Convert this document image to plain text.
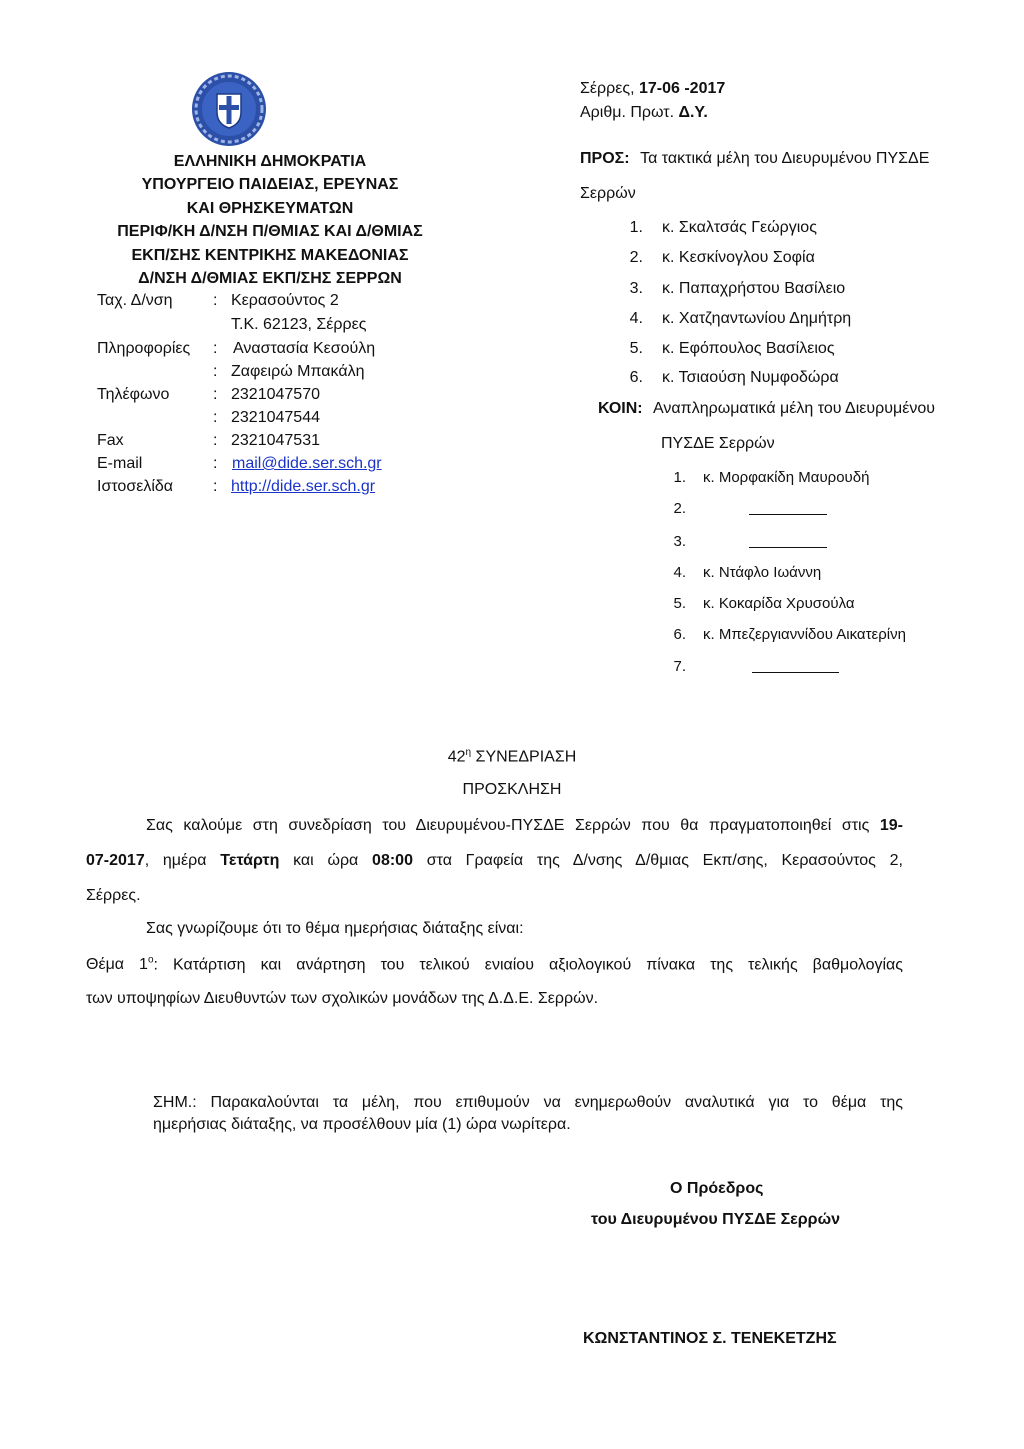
ΕΛΛΗΝΙΚΗ ΔΗΜΟΚΡΑΤΙΑ
ΥΠΟΥΡΓΕΙΟ ΠΑΙΔΕΙΑΣ, ΕΡΕΥΝΑΣ
ΚΑΙ ΘΡΗΣΚΕΥΜΑΤΩΝ
ΠΕΡΙΦ/ΚΗ Δ/ΝΣΗ Π/ΘΜΙΑΣ ΚΑΙ Δ/ΘΜΙΑΣ
ΕΚΠ/ΣΗΣ ΚΕΝΤΡΙΚΗΣ ΜΑΚΕΔΟΝΙΑΣ
Δ/ΝΣΗ Δ/ΘΜΙΑΣ ΕΚΠ/ΣΗΣ ΣΕΡΡΩΝ
Ταχ. Δ/νση	: Κερασούντος 2
Τ.Κ. 62123, Σέρρες
Πληροφορίες : Αναστασία Κεσούλη
: Ζαφειρώ Μπακάλη
Τηλέφωνο	: 2321047570
: 2321047544
Fax	: 2321047531
E-mail	: mail@dide.ser.sch.gr
Ιστοσελίδα : http://dide.ser.sch.gr
Σέρρες, 17-06 -2017
Αριθμ. Πρωτ. Δ.Υ.
ΠΡΟΣ: Τα τακτικά μέλη του Διευρυμένου ΠΥΣΔΕ
Σερρών
1. κ. Σκαλτσάς Γεώργιος
2. κ. Κεσκίνογλου Σοφία
3. κ. Παπαχρήστου Βασίλειο
4. κ. Χατζηαντωνίου Δημήτρη
5. κ. Εφόπουλος Βασίλειος
6. κ. Τσιαούση Νυμφοδώρα
ΚΟΙΝ: Αναπληρωματικά μέλη του Διευρυμένου
ΠΥΣΔΕ Σερρών
1. κ. Μορφακίδη Μαυρουδή
2.
3.
4. κ. Ντάφλο Ιωάννη
5. κ. Κοκαρίδα Χρυσούλα
6. κ. Μπεζεργιαννίδου Αικατερίνη
7.
$42^\eta$ ΣΥΝΕΔΡΙΑΣΗ
ΠΡΟΣΚΛΗΣΗ
Σας καλούμε στη συνεδρίαση του Διευρυμένου-ΠΥΣΔΕ Σερρών που θα πραγματοποιηθεί στις 19-
07-2017, ημέρα Τετάρτη και ώρα 08:00 στα Γραφεία της Δ/νσης Δ/θμιας Εκπ/σης, Κερασούντος 2,
Σέρρες.
Σας γνωρίζουμε ότι το θέμα ημερήσιας διάταξης είναι:
Θέμα $1^o$: Κατάρτιση και ανάρτηση του τελικού ενιαίου αξιολογικού πίνακα της τελικής βαθμολογίας
των υποψηφίων Διευθυντών των σχολικών μονάδων της Δ.Δ.Ε. Σερρών.
ΣΗΜ.: Παρακαλούνται τα μέλη, που επιθυμούν να ενημερωθούν αναλυτικά για το θέμα της
ημερήσιας διάταξης, να προσέλθουν μία (1) ώρα νωρίτερα.
Ο Πρόεδρος
του Διευρυμένου ΠΥΣΔΕ Σερρών
ΚΩΝΣΤΑΝΤΙΝΟΣ Σ. ΤΕΝΕΚΕΤΖΗΣ
